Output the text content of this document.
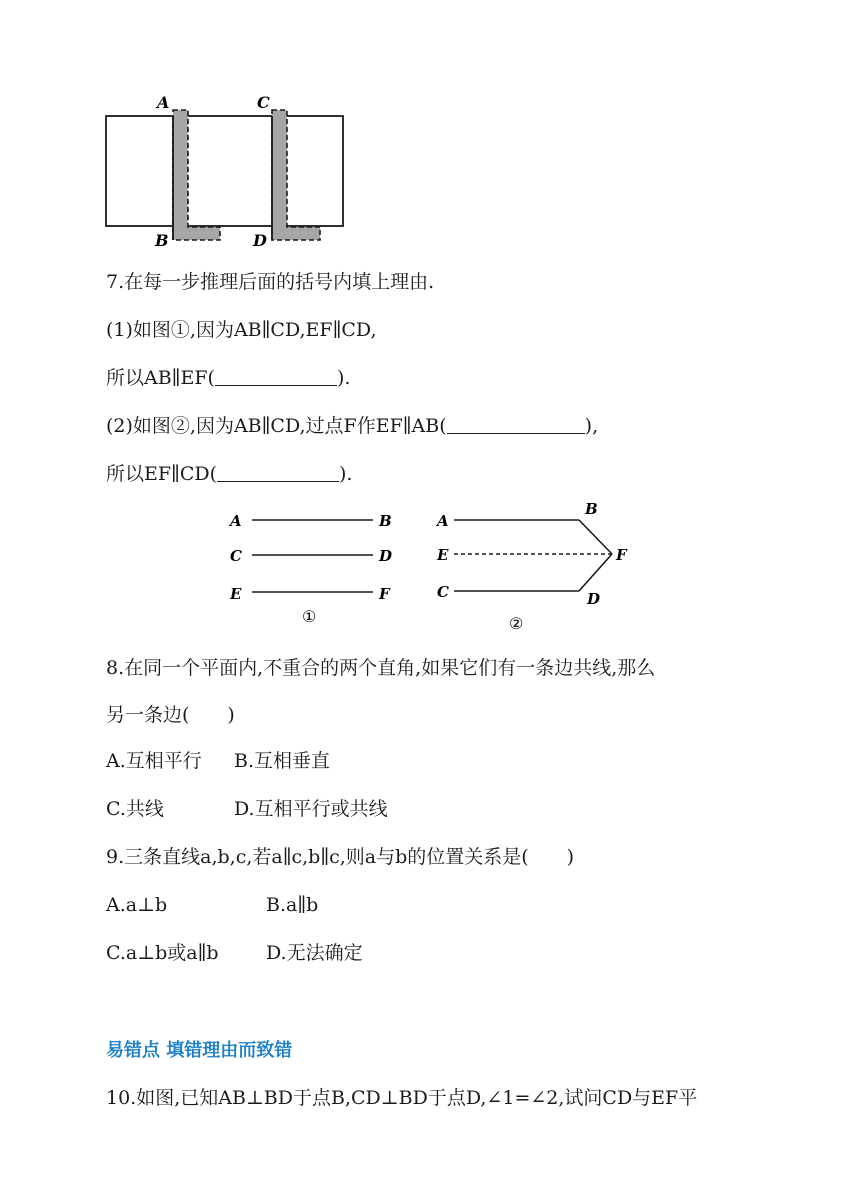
A	C
B	D
7.在每一步推理后面的括号内填上理由.
(1)如图①,因为AB∥CD,EF∥CD,
所以AB∥EF(	).
(2)如图②,因为AB∥CD,过点F作EF∥AB(	),
所以EF∥CD(	).
A	B
C	D
E	F
①
A
B
E	F
C	D
②
8.在同一个平面内,不重合的两个直角,如果它们有一条边共线,那么
另一条边(　　)
A.互相平行 B.互相垂直
C.共线	D.互相平行或共线
9.三条直线a,b,c,若a∥c,b∥c,则a与b的位置关系是(　　)
A.a⊥b	B.a∥b
C.a⊥b或a∥b D.无法确定
易错点 填错理由而致错
10.如图,已知AB⊥BD于点B,CD⊥BD于点D,∠1=∠2,试问CD与EF平
